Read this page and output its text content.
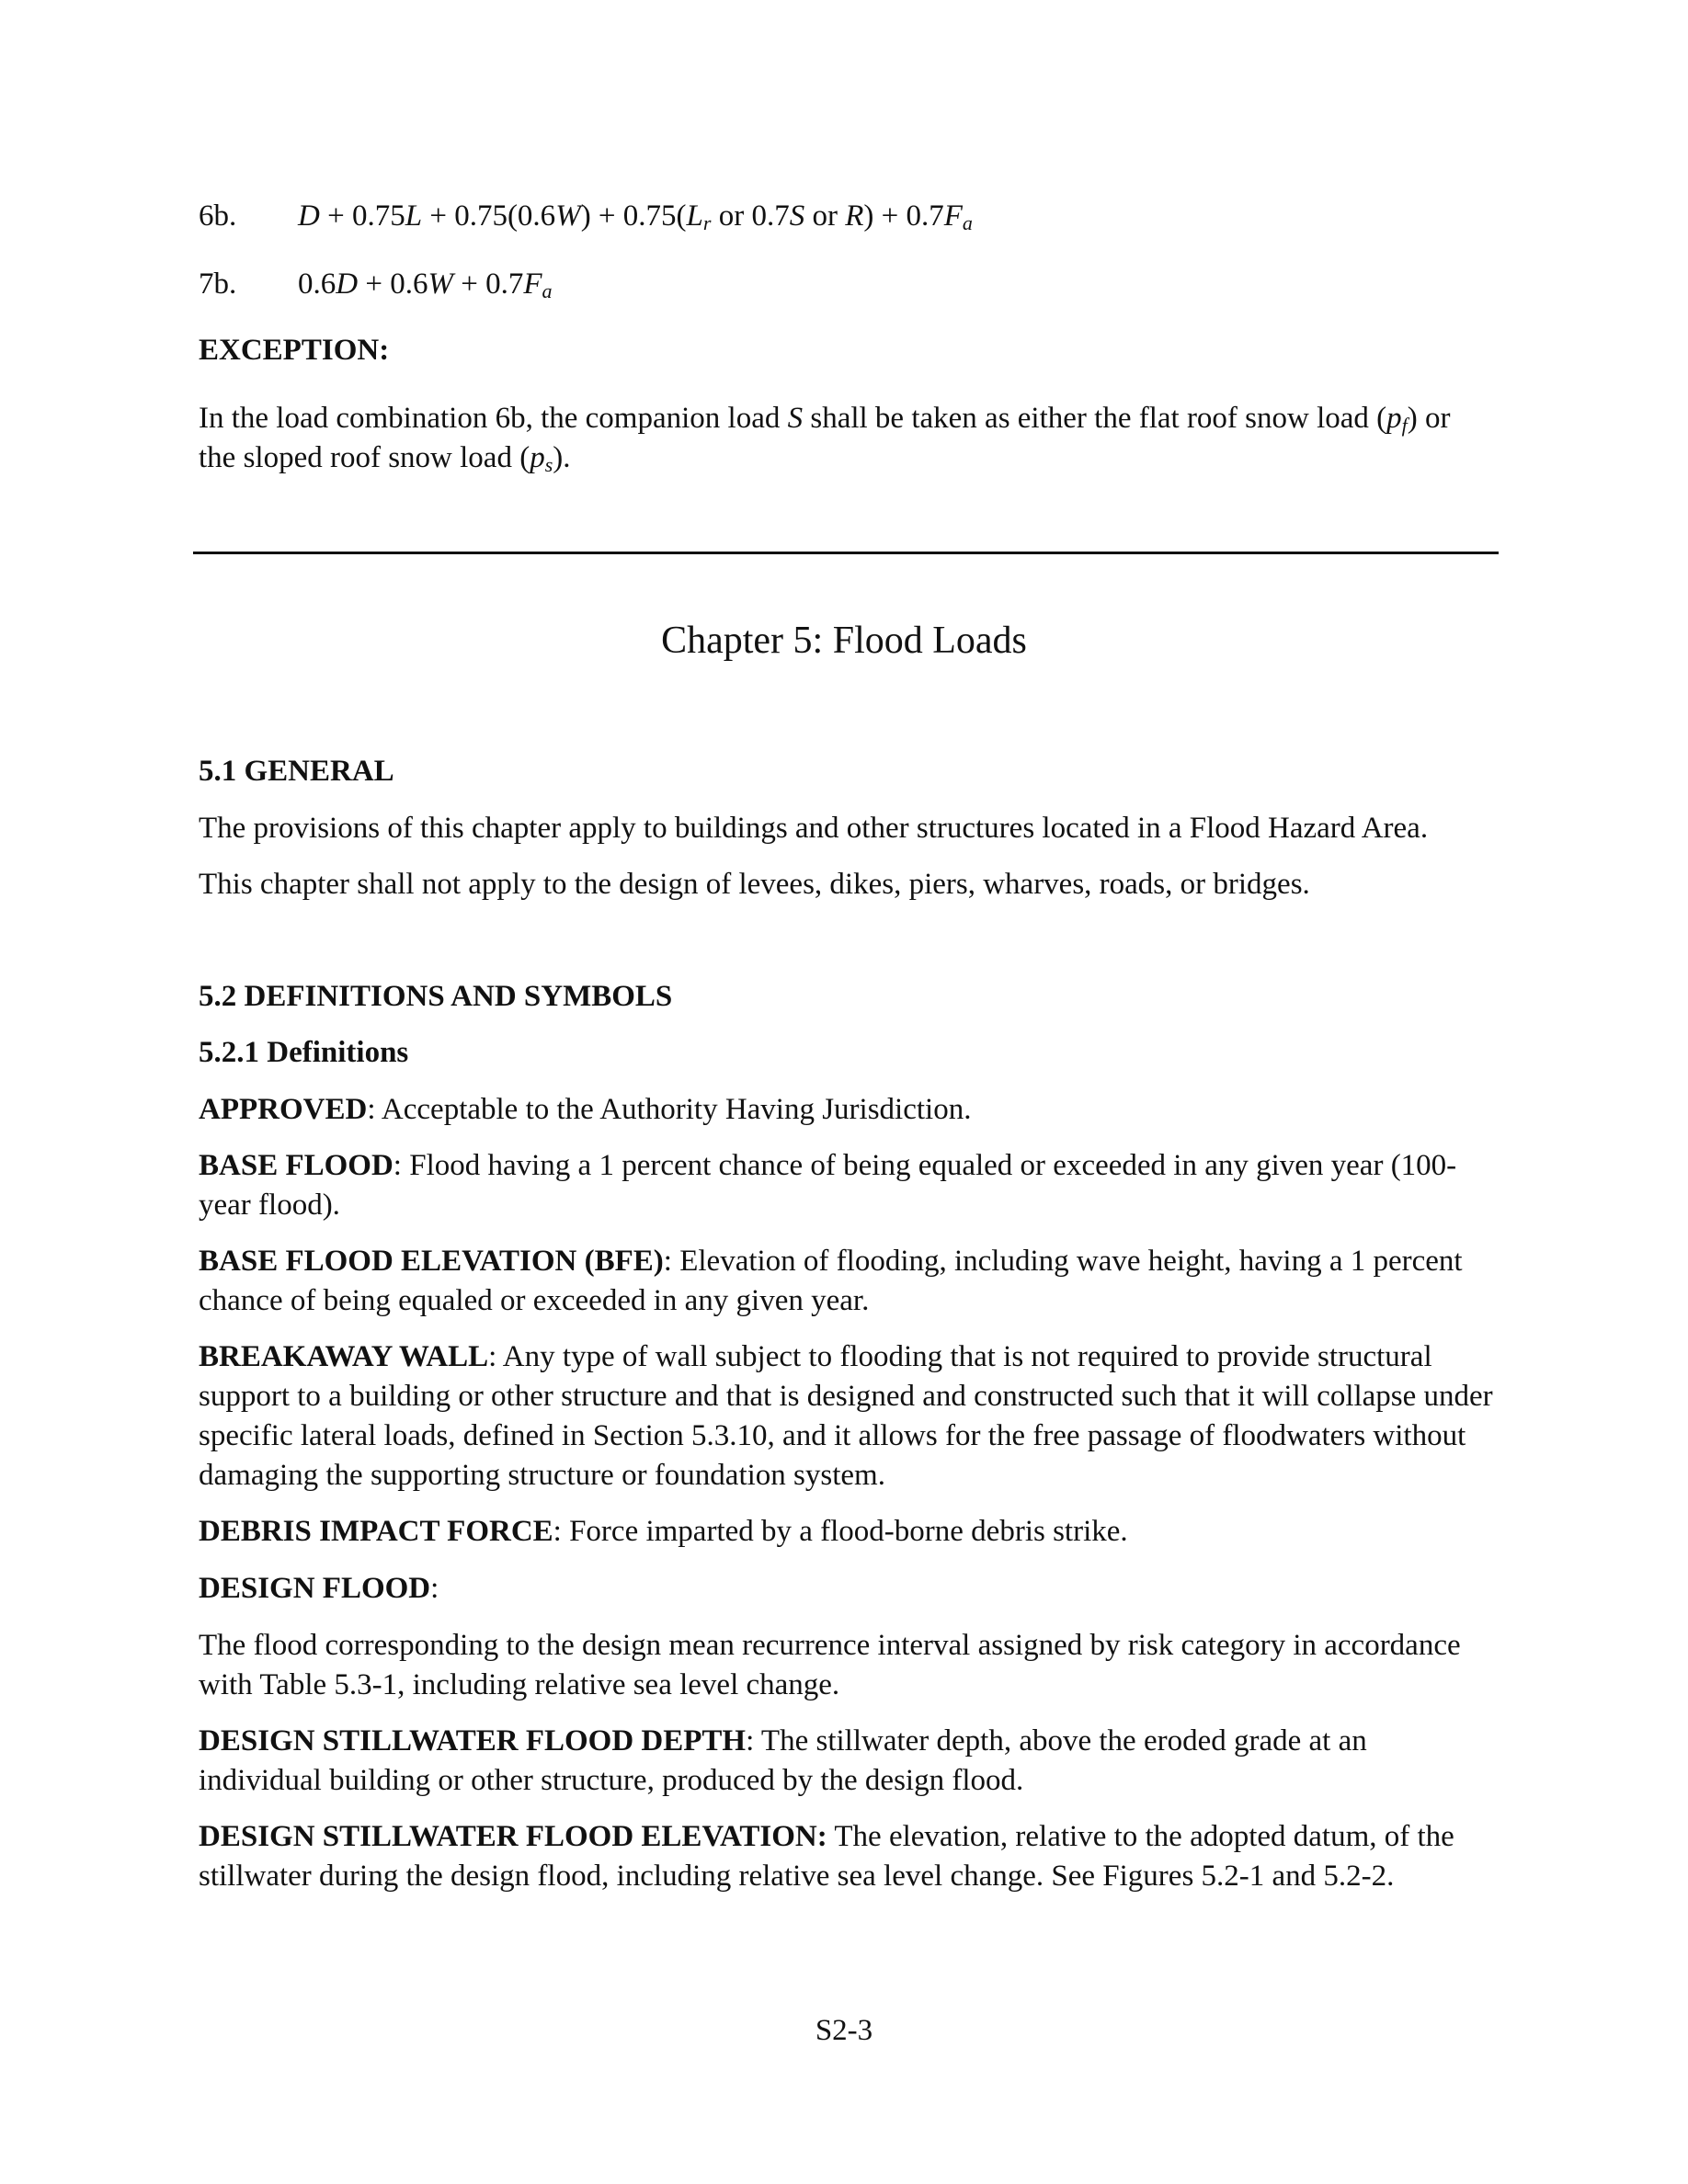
6b. $D + 0.75L + 0.75(0.6W) + 0.75(L_r$ or 0.7S or $R) + 0.7F_a$
7b. $0.6D + 0.6W + 0.7F_a$
EXCEPTION:
In the load combination 6b, the companion load S shall be taken as either the flat roof snow load $(p_f)$ or the sloped roof snow load $(p_s)$.
Chapter 5: Flood Loads
5.1 GENERAL
The provisions of this chapter apply to buildings and other structures located in a Flood Hazard Area.
This chapter shall not apply to the design of levees, dikes, piers, wharves, roads, or bridges.
5.2 DEFINITIONS AND SYMBOLS
5.2.1 Definitions
APPROVED: Acceptable to the Authority Having Jurisdiction.
BASE FLOOD: Flood having a 1 percent chance of being equaled or exceeded in any given year (100-year flood).
BASE FLOOD ELEVATION (BFE): Elevation of flooding, including wave height, having a 1 percent chance of being equaled or exceeded in any given year.
BREAKAWAY WALL: Any type of wall subject to flooding that is not required to provide structural support to a building or other structure and that is designed and constructed such that it will collapse under specific lateral loads, defined in Section 5.3.10, and it allows for the free passage of floodwaters without damaging the supporting structure or foundation system.
DEBRIS IMPACT FORCE: Force imparted by a flood-borne debris strike.
DESIGN FLOOD:
The flood corresponding to the design mean recurrence interval assigned by risk category in accordance with Table 5.3-1, including relative sea level change.
DESIGN STILLWATER FLOOD DEPTH: The stillwater depth, above the eroded grade at an individual building or other structure, produced by the design flood.
DESIGN STILLWATER FLOOD ELEVATION: The elevation, relative to the adopted datum, of the stillwater during the design flood, including relative sea level change. See Figures 5.2-1 and 5.2-2.
S2-3
